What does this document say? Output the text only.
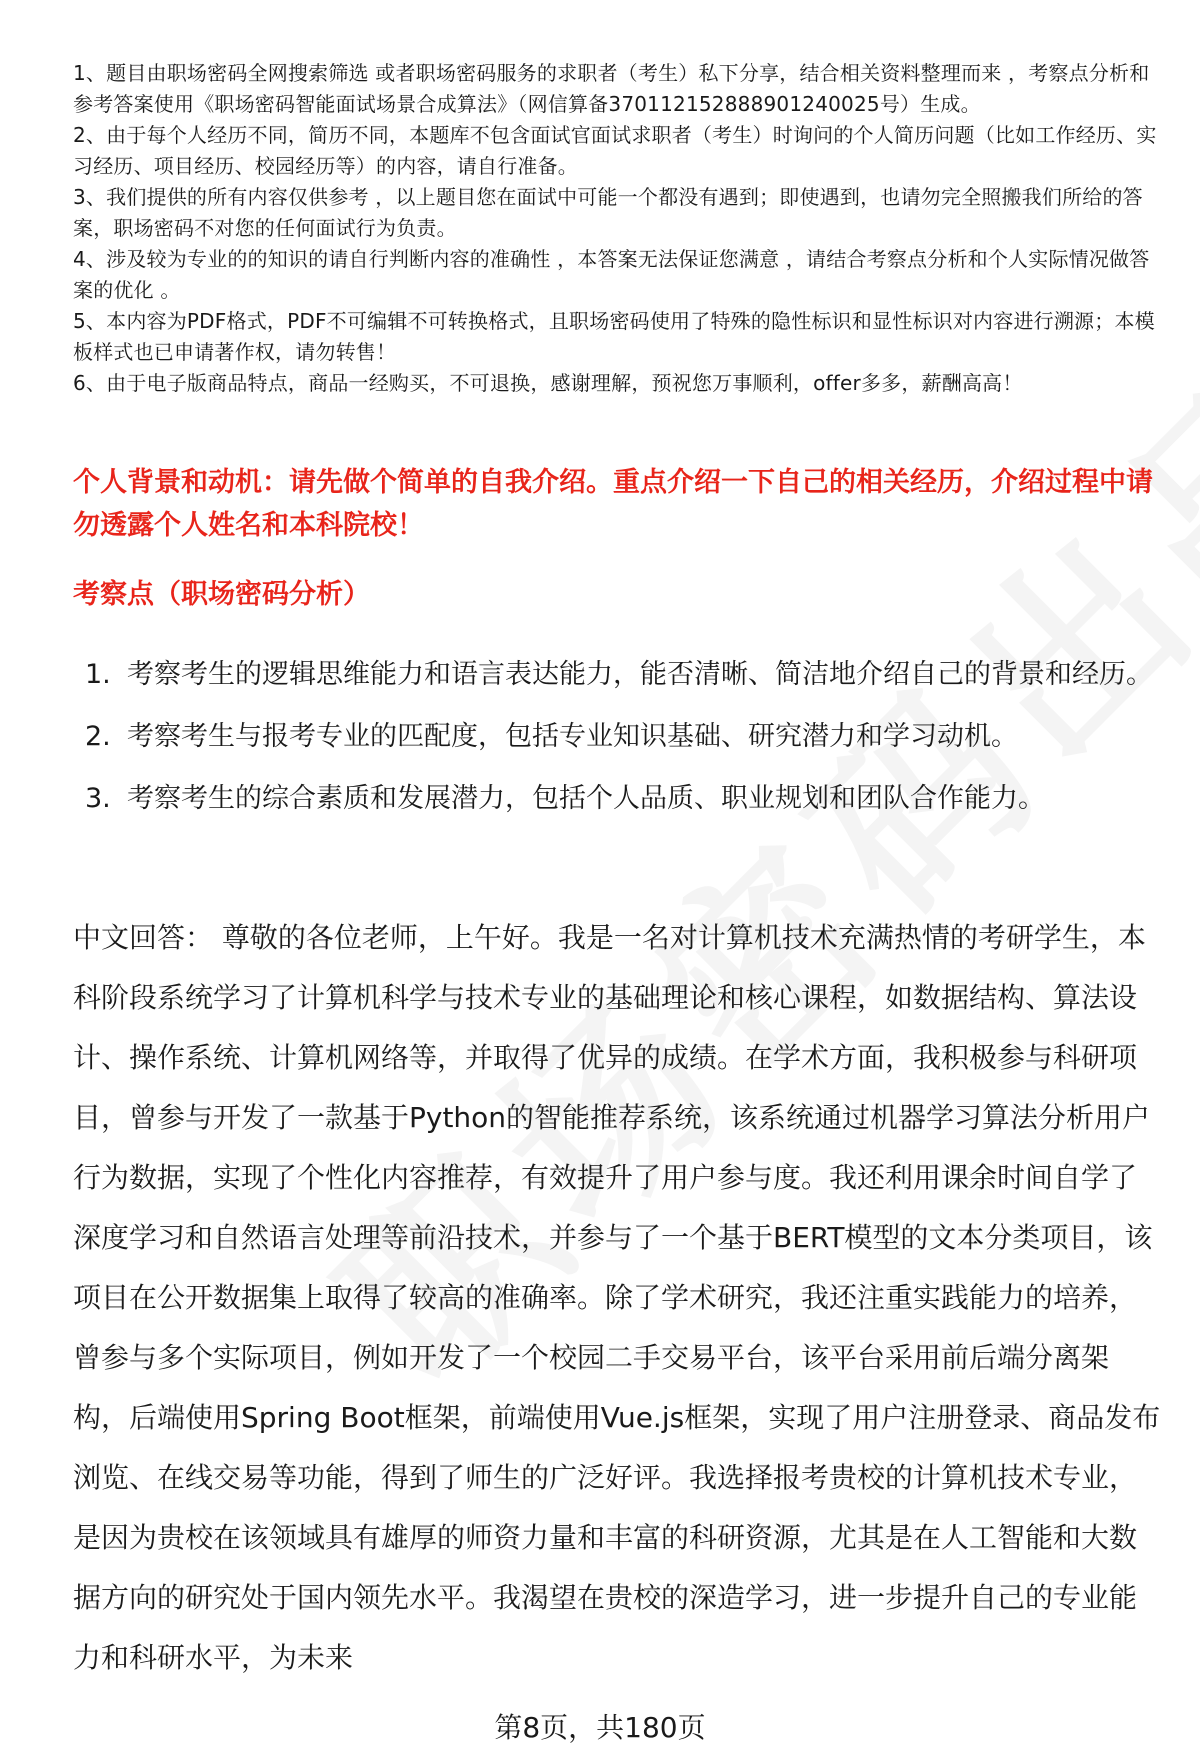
1、题目由职场密码全网搜索筛选 或者职场密码服务的求职者（考生）私下分享，结合相关资料整理而来 ，考察点分析和参考答案使用《职场密码智能面试场景合成算法》（网信算备370112152888901240025号）生成。

2、由于每个人经历不同，简历不同，本题库不包含面试官面试求职者（考生）时询问的个人简历问题（比如工作经历、实习经历、项目经历、校园经历等）的内容，请自行准备。

3、我们提供的所有内容仅供参考 ，以上题目您在面试中可能一个都没有遇到；即使遇到，也请勿完全照搬我们所给的答案，职场密码不对您的任何面试行为负责。

4、涉及较为专业的的知识的请自行判断内容的准确性 ，本答案无法保证您满意 ，请结合考察点分析和个人实际情况做答案的优化 。

5、本内容为PDF格式，PDF不可编辑不可转换格式，且职场密码使用了特殊的隐性标识和显性标识对内容进行溯源；本模板样式也已申请著作权，请勿转售！

6、由于电子版商品特点，商品一经购买，不可退换，感谢理解，预祝您万事顺利，offer多多，薪酬高高！

个人背景和动机：请先做个简单的自我介绍。重点介绍一下自己的相关经历，介绍过程中请勿透露个人姓名和本科院校！

考察点（职场密码分析）

1. 考察考生的逻辑思维能力和语言表达能力，能否清晰、简洁地介绍自己的背景和经历。
2. 考察考生与报考专业的匹配度，包括专业知识基础、研究潜力和学习动机。
3. 考察考生的综合素质和发展潜力，包括个人品质、职业规划和团队合作能力。

中文回答： 尊敬的各位老师，上午好。我是一名对计算机技术充满热情的考研学生，本科阶段系统学习了计算机科学与技术专业的基础理论和核心课程，如数据结构、算法设计、操作系统、计算机网络等，并取得了优异的成绩。在学术方面，我积极参与科研项目，曾参与开发了一款基于Python的智能推荐系统，该系统通过机器学习算法分析用户行为数据，实现了个性化内容推荐，有效提升了用户参与度。我还利用课余时间自学了深度学习和自然语言处理等前沿技术，并参与了一个基于BERT模型的文本分类项目，该项目在公开数据集上取得了较高的准确率。除了学术研究，我还注重实践能力的培养，曾参与多个实际项目，例如开发了一个校园二手交易平台，该平台采用前后端分离架构，后端使用Spring Boot框架，前端使用Vue.js框架，实现了用户注册登录、商品发布浏览、在线交易等功能，得到了师生的广泛好评。我选择报考贵校的计算机技术专业，是因为贵校在该领域具有雄厚的师资力量和丰富的科研资源，尤其是在人工智能和大数据方向的研究处于国内领先水平。我渴望在贵校的深造学习，进一步提升自己的专业能力和科研水平，为未来

第8页，共180页
